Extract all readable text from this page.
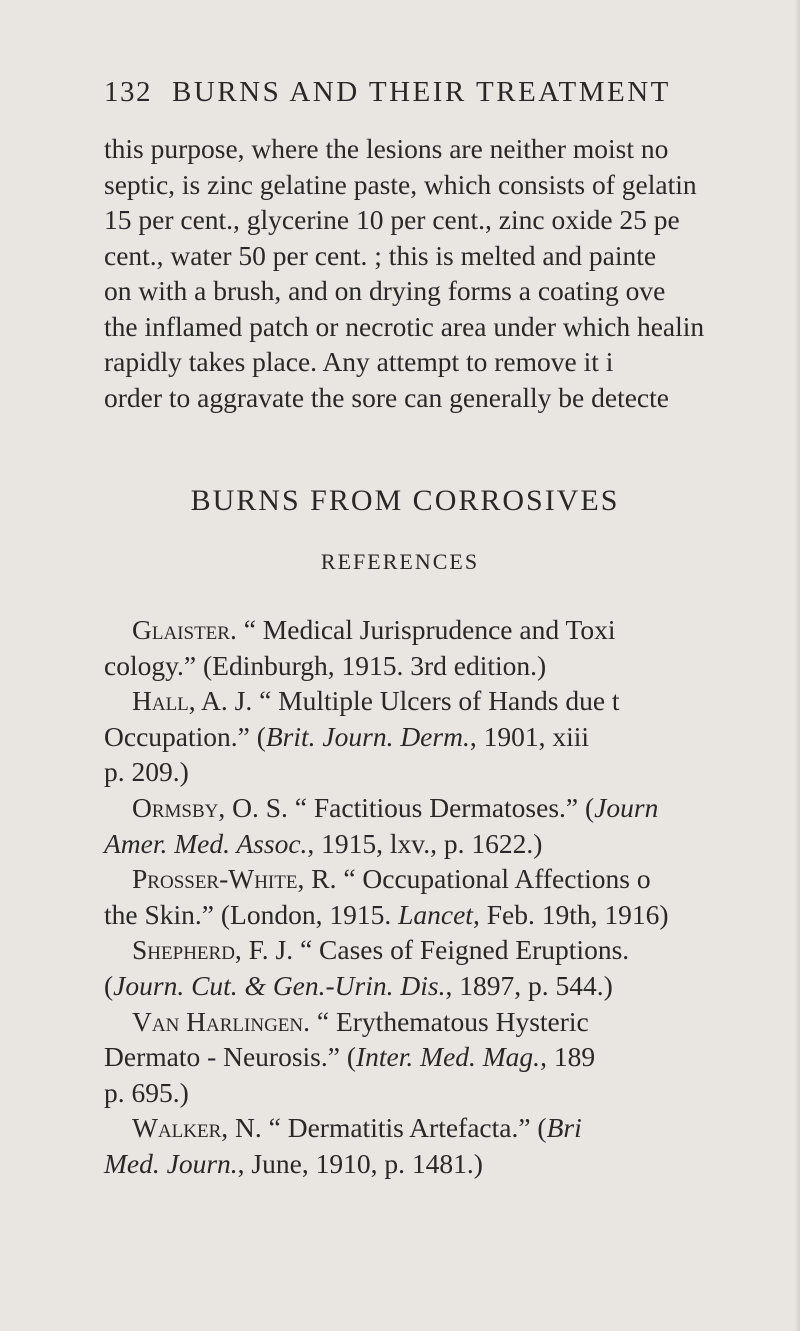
132 BURNS AND THEIR TREATMENT
this purpose, where the lesions are neither moist no
septic, is zinc gelatine paste, which consists of gelatin
15 per cent., glycerine 10 per cent., zinc oxide 25 pe
cent., water 50 per cent. ; this is melted and painte
on with a brush, and on drying forms a coating ove
the inflamed patch or necrotic area under which healin
rapidly takes place. Any attempt to remove it i
order to aggravate the sore can generally be detecte
BURNS FROM CORROSIVES
REFERENCES
Glaister. “ Medical Jurisprudence and Toxi
cology.” (Edinburgh, 1915. 3rd edition.)
Hall, A. J. “ Multiple Ulcers of Hands due t
Occupation.” (Brit. Journ. Derm., 1901, xiii
p. 209.)
Ormsby, O. S. “ Factitious Dermatoses.” (Journ
Amer. Med. Assoc., 1915, lxv., p. 1622.)
Prosser-White, R. “ Occupational Affections o
the Skin.” (London, 1915. Lancet, Feb. 19th, 1916)
Shepherd, F. J. “ Cases of Feigned Eruptions.
(Journ. Cut. & Gen.-Urin. Dis., 1897, p. 544.)
Van Harlingen. “ Erythematous Hysteric
Dermato - Neurosis.” (Inter. Med. Mag., 189
p. 695.)
Walker, N. “ Dermatitis Artefacta.” (Bri
Med. Journ., June, 1910, p. 1481.)
